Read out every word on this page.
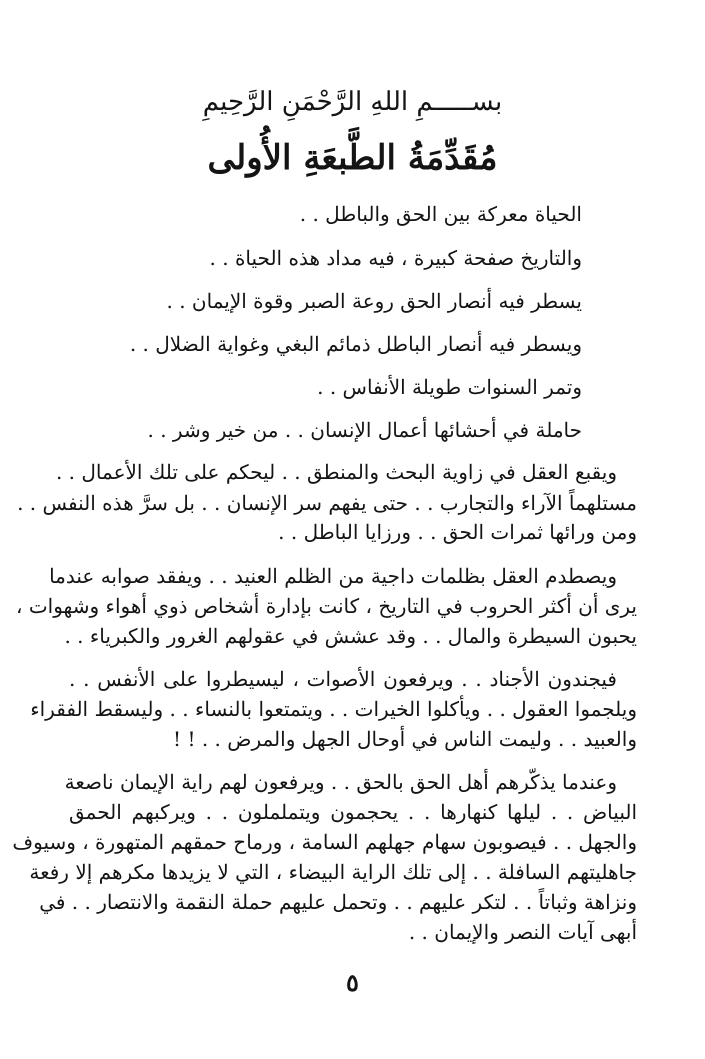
بســـــمِ اللهِ الرَّحْمَنِ الرَّحِيمِ
مُقَدِّمَةُ الطَّبعَةِ الأُولى
الحياة معركة بين الحق والباطل . .
والتاريخ صفحة كبيرة ، فيه مداد هذه الحياة . .
يسطر فيه أنصار الحق روعة الصبر وقوة الإيمان . .
ويسطر فيه أنصار الباطل ذمائم البغي وغواية الضلال . .
وتمر السنوات طويلة الأنفاس . .
حاملة في أحشائها أعمال الإنسان . . من خير وشر . .
ويقبع العقل في زاوية البحث والمنطق . . ليحكم على تلك الأعمال . .
مستلهماً الآراء والتجارب . . حتى يفهم سر الإنسان . . بل سرَّ هذه النفس . .
ومن ورائها ثمرات الحق . . ورزايا الباطل . .
ويصطدم العقل بظلمات داجية من الظلم العنيد . . ويفقد صوابه عندما
يرى أن أكثر الحروب في التاريخ ، كانت بإدارة أشخاص ذوي أهواء وشهوات ،
يحبون السيطرة والمال . . وقد عشش في عقولهم الغرور والكبرياء . .
فيجندون الأجناد . . ويرفعون الأصوات ، ليسيطروا على الأنفس . .
ويلجموا العقول . . ويأكلوا الخيرات . . ويتمتعوا بالنساء . . وليسقط الفقراء
والعبيد . . وليمت الناس في أوحال الجهل والمرض . . ! !
وعندما يذكّرهم أهل الحق بالحق . . ويرفعون لهم راية الإيمان ناصعة
البياض . . ليلها كنهارها . . يحجمون ويتململون . . ويركبهم الحمق
والجهل . . فيصوبون سهام جهلهم السامة ، ورماح حمقهم المتهورة ، وسيوف
جاهليتهم السافلة . . إلى تلك الراية البيضاء ، التي لا يزيدها مكرهم إلا رفعة
ونزاهة وثباتاً . . لتكر عليهم . . وتحمل عليهم حملة النقمة والانتصار . . في
أبهى آيات النصر والإيمان . .
٥
